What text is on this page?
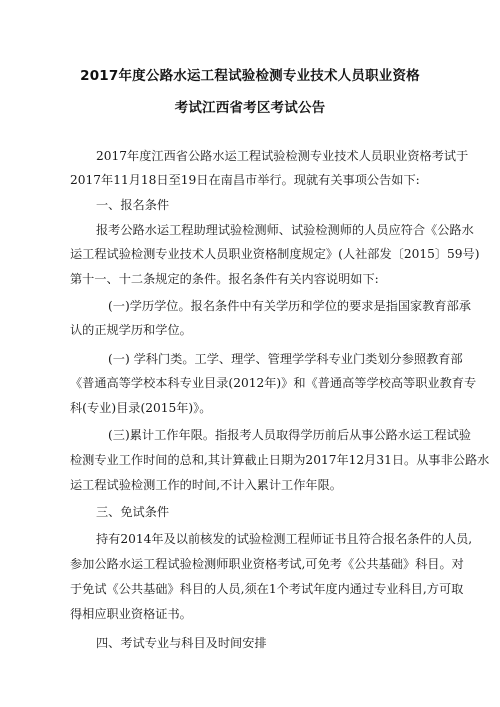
2017年度公路水运工程试验检测专业技术人员职业资格
考试江西省考区考试公告
2017年度江西省公路水运工程试验检测专业技术人员职业资格考试于
2017年11月18日至19日在南昌市举行。现就有关事项公告如下:
一、报名条件
报考公路水运工程助理试验检测师、试验检测师的人员应符合《公路水
运工程试验检测专业技术人员职业资格制度规定》(人社部发〔2015〕59号)
第十一、十二条规定的条件。报名条件有关内容说明如下:
(一)学历学位。报名条件中有关学历和学位的要求是指国家教育部承
认的正规学历和学位。
(一) 学科门类。工学、理学、管理学学科专业门类划分参照教育部
《普通高等学校本科专业目录(2012年)》和《普通高等学校高等职业教育专
科(专业)目录(2015年)》。
(三)累计工作年限。指报考人员取得学历前后从事公路水运工程试验
检测专业工作时间的总和,其计算截止日期为2017年12月31日。从事非公路水
运工程试验检测工作的时间,不计入累计工作年限。
三、免试条件
持有2014年及以前核发的试验检测工程师证书且符合报名条件的人员,
参加公路水运工程试验检测师职业资格考试,可免考《公共基础》科目。对
于免试《公共基础》科目的人员,须在1个考试年度内通过专业科目,方可取
得相应职业资格证书。
四、考试专业与科目及时间安排
